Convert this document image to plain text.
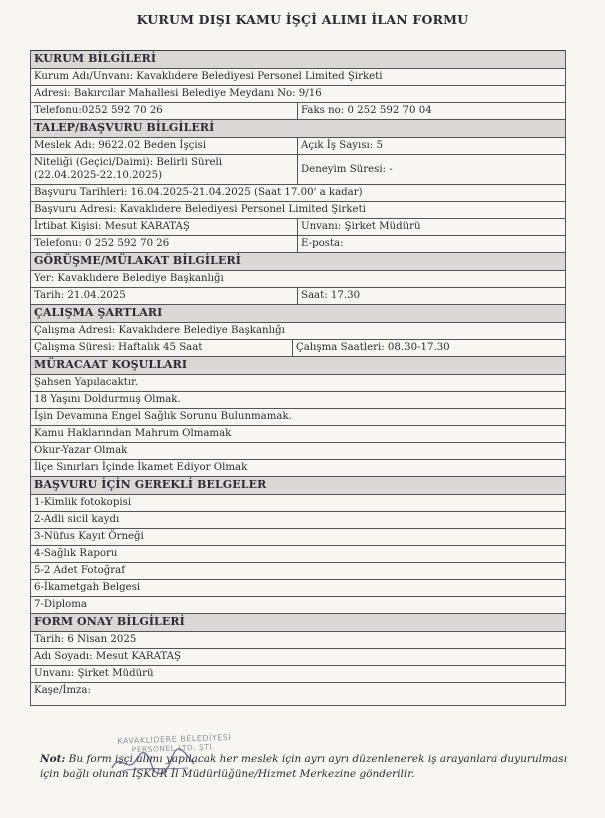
KURUM DIŞI KAMU İŞÇİ ALIMI İLAN FORMU
KURUM BİLGİLERİ		
Kurum Adı/Unvanı: Kavaklıdere Belediyesi Personel Limited Şirketi		
Adresi: Bakırcılar Mahallesi Belediye Meydanı No: 9/16		
Telefonu:0252 592 70 26		Faks no: 0 252 592 70 04
TALEP/BAŞVURU BİLGİLERİ		
Meslek Adı: 9622.02 Beden İşçisi		Açık İş Sayısı: 5
Niteliği (Geçici/Daimi): Belirli Süreli
(22.04.2025-22.10.2025)		Deneyim Süresi: -
Başvuru Tarihleri: 16.04.2025-21.04.2025 (Saat 17.00' a kadar)		
Başvuru Adresi: Kavaklıdere Belediyesi Personel Limited Şirketi		
İrtibat Kişisi: Mesut KARATAŞ		Unvanı: Şirket Müdürü
Telefonu: 0 252 592 70 26		E-posta:
GÖRÜŞME/MÜLAKAT BİLGİLERİ		
Yer: Kavaklıdere Belediye Başkanlığı		
Tarih: 21.04.2025		Saat: 17.30
ÇALIŞMA ŞARTLARI		
Çalışma Adresi: Kavaklıdere Belediye Başkanlığı		
Çalışma Süresi: Haftalık 45 Saat	Çalışma Saatleri: 08.30-17.30	
MÜRACAAT KOŞULLARI		
Şahsen Yapılacaktır.		
18 Yaşını Doldurmuş Olmak.		
İşin Devamına Engel Sağlık Sorunu Bulunmamak.		
Kamu Haklarından Mahrum Olmamak		
Okur-Yazar Olmak		
İlçe Sınırları İçinde İkamet Ediyor Olmak		
BAŞVURU İÇİN GEREKLİ BELGELER		
1-Kimlik fotokopisi		
2-Adli sicil kaydı		
3-Nüfus Kayıt Örneği		
4-Sağlık Raporu		
5-2 Adet Fotoğraf		
6-İkametgah Belgesi		
7-Diploma		
FORM ONAY BİLGİLERİ		
Tarih: 6 Nisan 2025		
Adı Soyadı: Mesut KARATAŞ		
Unvanı: Şirket Müdürü		
Kaşe/İmza:		
KAVAKLIDERE BELEDİYESİ
PERSONEL LTD. ŞTİ.
Not: Bu form işçi alımı yapılacak her meslek için ayrı ayrı düzenlenerek iş arayanlara duyurulması için bağlı olunan İŞKUR İl Müdürlüğüne/Hizmet Merkezine gönderilir.
